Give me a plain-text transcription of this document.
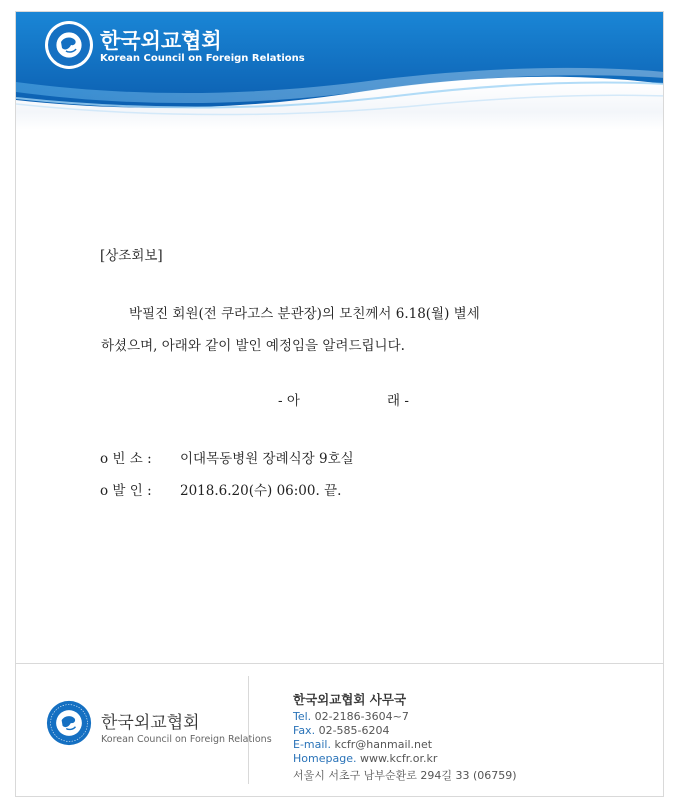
한국외교협회
Korean Council on Foreign Relations
[상조회보]
박필진 회원(전 쿠라고스 분관장)의 모친께서 6.18(월) 별세
하셨으며, 아래와 같이 발인 예정임을 알려드립니다.
- 아	래 -
o 빈 소 : 이대목동병원 장례식장 9호실
o 발 인 : 2018.6.20(수) 06:00. 끝.
한국외교협회
Korean Council on Foreign Relations
한국외교협회 사무국
Tel. 02-2186-3604~7
Fax. 02-585-6204
E-mail. kcfr@hanmail.net
Homepage. www.kcfr.or.kr
서울시 서초구 남부순환로 294길 33 (06759)
